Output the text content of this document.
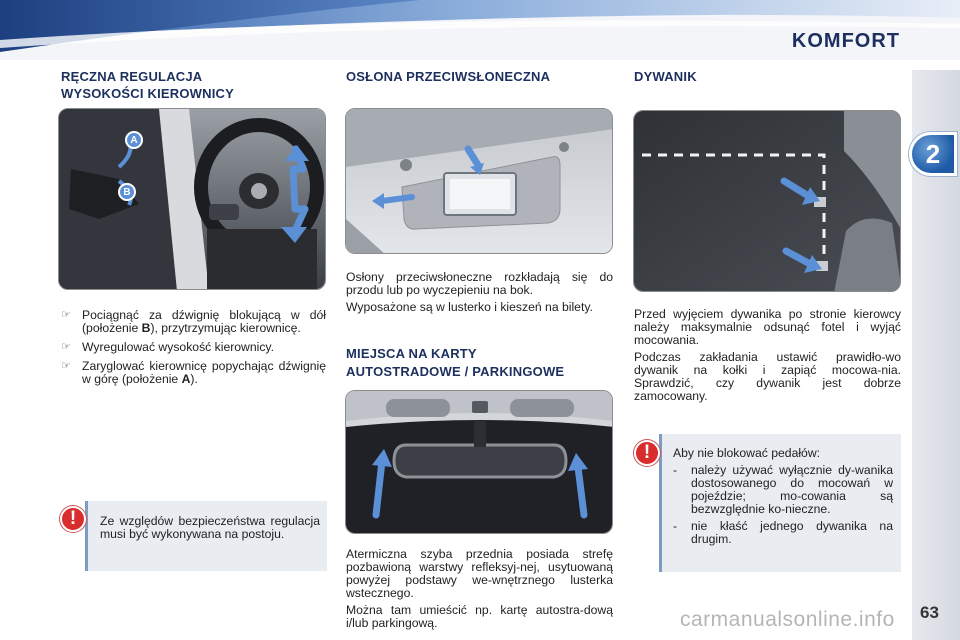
KOMFORT
2
RĘCZNA REGULACJA
WYSOKOŚCI KIEROWNICY
A
B
☞ Pociągnąć za dźwignię blokującą w dół (położenie B), przytrzymując kierownicę.
☞ Wyregulować wysokość kierownicy.
☞ Zaryglować kierownicę popychając dźwignię w górę (położenie A).
!	Ze względów bezpieczeństwa regulacja musi być wykonywana na postoju.
OSŁONA PRZECIWSŁONECZNA

Osłony przeciwsłoneczne rozkładają się do przodu lub po wyczepieniu na bok.

Wyposażone są w lusterko i kieszeń na bilety.

MIEJSCA NA KARTY
AUTOSTRADOWE / PARKINGOWE

Atermiczna szyba przednia posiada strefę pozbawioną warstwy refleksyj-nej, usytuowaną powyżej podstawy we-wnętrznego lusterka wstecznego.

Można tam umieścić np. kartę autostra-dową i/lub parkingową.

DYWANIK

Przed wyjęciem dywanika po stronie kierowcy należy maksymalnie odsunąć fotel i wyjąć mocowania.

Podczas zakładania ustawić prawidło-wo dywanik na kołki i zapiąć mocowa-nia. Sprawdzić, czy dywanik jest dobrze zamocowany.

!	Aby nie blokować pedałów:
- należy używać wyłącznie dy-wanika dostosowanego do mocowań w pojeździe; mo-cowania są bezwzględnie ko-nieczne.
- nie kłaść jednego dywanika na drugim.
63
carmanualsonline.info
